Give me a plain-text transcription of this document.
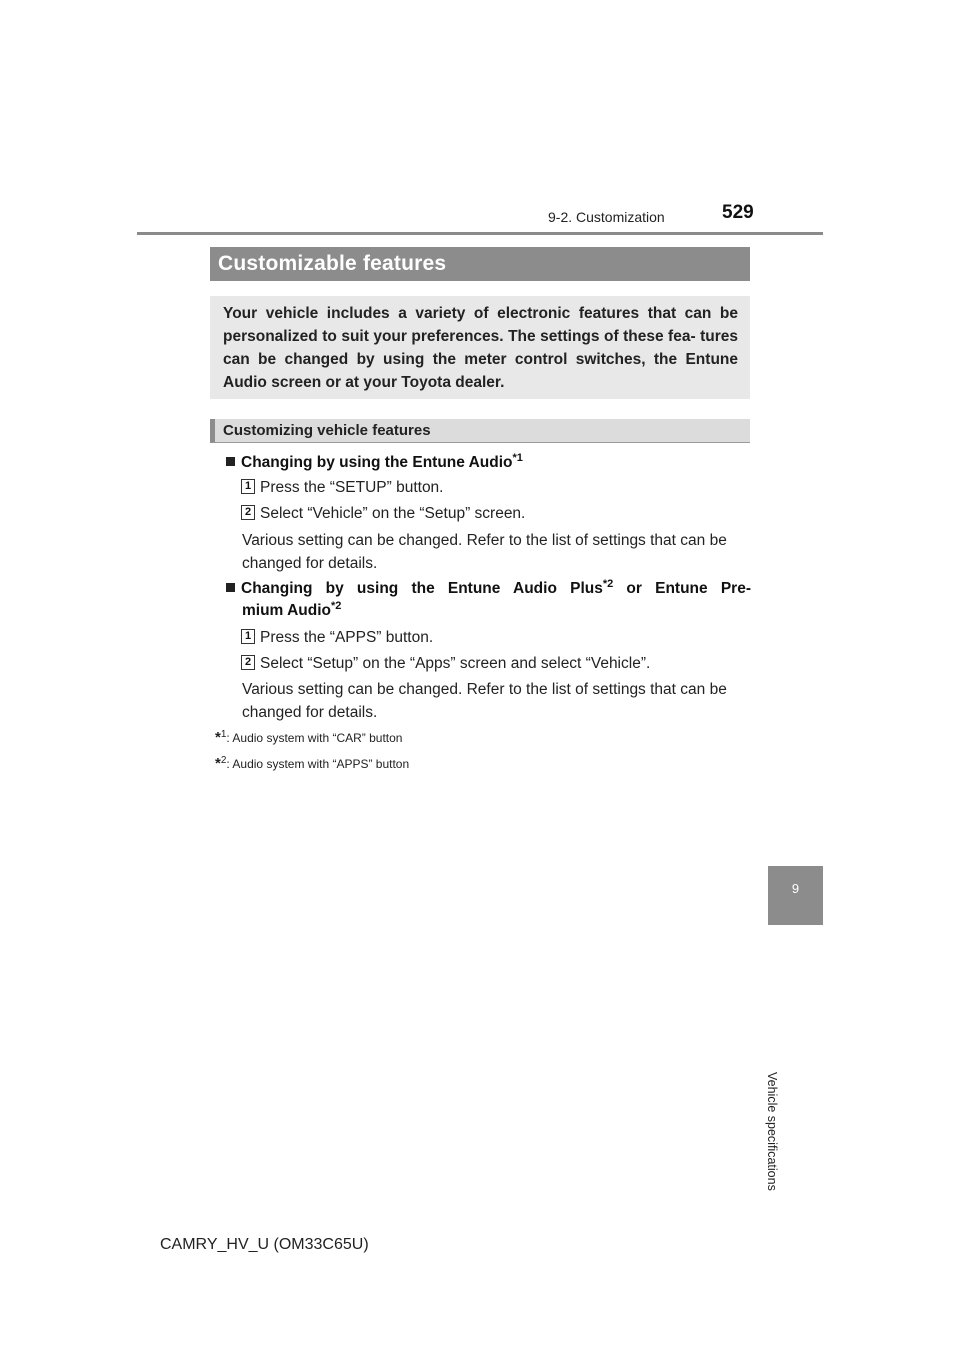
9-2. Customization	529
Customizable features
Your vehicle includes a variety of electronic features that can be personalized to suit your preferences. The settings of these fea- tures can be changed by using the meter control switches, the Entune Audio screen or at your Toyota dealer.
Customizing vehicle features
Changing by using the Entune Audio$^{*1}$
1 Press the “SETUP” button.
2 Select “Vehicle” on the “Setup” screen.
Various setting can be changed. Refer to the list of settings that can be changed for details.
Changing by using the Entune Audio Plus$^{*2}$ or Entune Pre-
mium Audio$^{*2}$
1 Press the “APPS” button.
2 Select “Setup” on the “Apps” screen and select “Vehicle”.
Various setting can be changed. Refer to the list of settings that can be changed for details.
*$^1$: Audio system with “CAR” button
*$^2$: Audio system with “APPS” button
9
Vehicle specifications
CAMRY_HV_U (OM33C65U)
